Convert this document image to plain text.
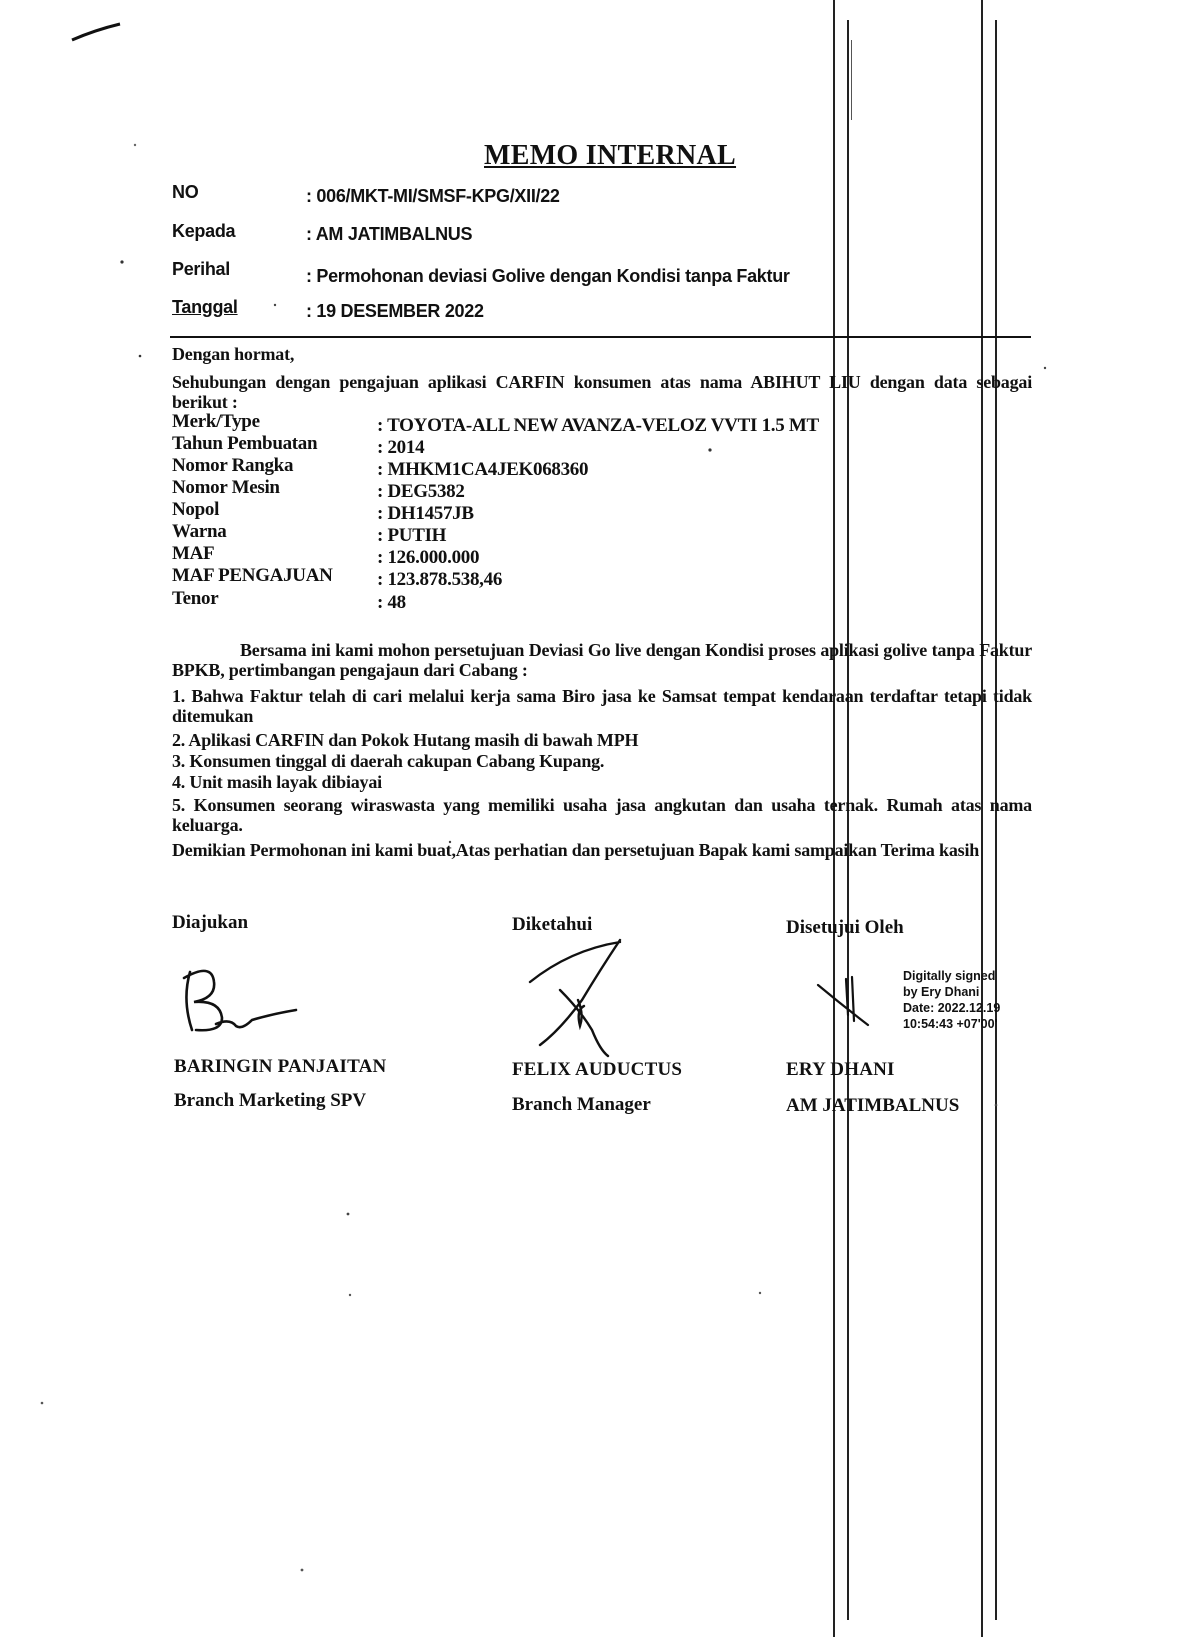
MEMO INTERNAL
NO	: 006/MKT-MI/SMSF-KPG/XII/22
Kepada	: AM JATIMBALNUS
Perihal	: Permohonan deviasi Golive dengan Kondisi tanpa Faktur
Tanggal	: 19 DESEMBER 2022
Dengan hormat,
Sehubungan dengan pengajuan aplikasi CARFIN konsumen atas nama ABIHUT LIU dengan data sebagai berikut :
Merk/Type	: TOYOTA-ALL NEW AVANZA-VELOZ VVTI 1.5 MT
Tahun Pembuatan	: 2014
Nomor Rangka	: MHKM1CA4JEK068360
Nomor Mesin	: DEG5382
Nopol	: DH1457JB
Warna	: PUTIH
MAF	: 126.000.000
MAF PENGAJUAN : 123.878.538,46
Tenor	: 48
Bersama ini kami mohon persetujuan Deviasi Go live dengan Kondisi proses aplikasi golive tanpa Faktur BPKB, pertimbangan pengajaun dari Cabang :
1. Bahwa Faktur telah di cari melalui kerja sama Biro jasa ke Samsat tempat kendaraan terdaftar tetapi tidak ditemukan
2. Aplikasi CARFIN dan Pokok Hutang masih di bawah MPH
3. Konsumen tinggal di daerah cakupan Cabang Kupang.
4. Unit masih layak dibiayai
5. Konsumen seorang wiraswasta yang memiliki usaha jasa angkutan dan usaha ternak. Rumah atas nama keluarga.
Demikian Permohonan ini kami buat,Atas perhatian dan persetujuan Bapak kami sampaikan Terima kasih
Diajukan	Diketahui	Disetujui Oleh
Digitally signed
by Ery Dhani
Date: 2022.12.19
10:54:43 +07'00'
BARINGIN PANJAITAN	FELIX AUDUCTUS	ERY DHANI
Branch Marketing SPV	Branch Manager	AM JATIMBALNUS
